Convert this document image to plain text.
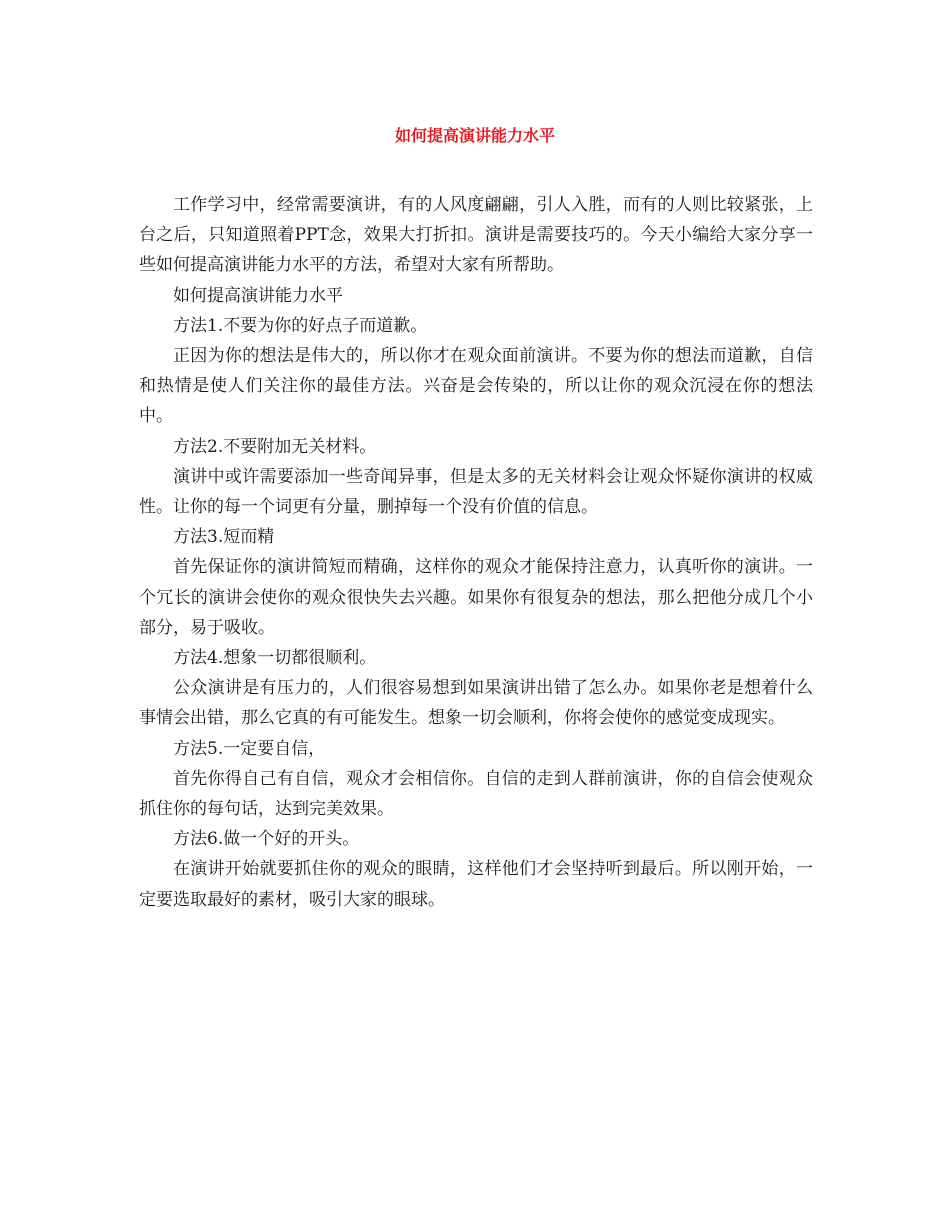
如何提高演讲能力水平

工作学习中，经常需要演讲，有的人风度翩翩，引人入胜，而有的人则比较紧张，上台之后，只知道照着PPT念，效果大打折扣。演讲是需要技巧的。今天小编给大家分享一些如何提高演讲能力水平的方法，希望对大家有所帮助。

如何提高演讲能力水平

方法1.不要为你的好点子而道歉。

正因为你的想法是伟大的，所以你才在观众面前演讲。不要为你的想法而道歉，自信和热情是使人们关注你的最佳方法。兴奋是会传染的，所以让你的观众沉浸在你的想法中。

方法2.不要附加无关材料。

演讲中或许需要添加一些奇闻异事，但是太多的无关材料会让观众怀疑你演讲的权威性。让你的每一个词更有分量，删掉每一个没有价值的信息。

方法3.短而精

首先保证你的演讲简短而精确，这样你的观众才能保持注意力，认真听你的演讲。一个冗长的演讲会使你的观众很快失去兴趣。如果你有很复杂的想法，那么把他分成几个小部分，易于吸收。

方法4.想象一切都很顺利。

公众演讲是有压力的，人们很容易想到如果演讲出错了怎么办。如果你老是想着什么事情会出错，那么它真的有可能发生。想象一切会顺利，你将会使你的感觉变成现实。

方法5.一定要自信，

首先你得自己有自信，观众才会相信你。自信的走到人群前演讲，你的自信会使观众抓住你的每句话，达到完美效果。

方法6.做一个好的开头。

在演讲开始就要抓住你的观众的眼睛，这样他们才会坚持听到最后。所以刚开始，一定要选取最好的素材，吸引大家的眼球。
